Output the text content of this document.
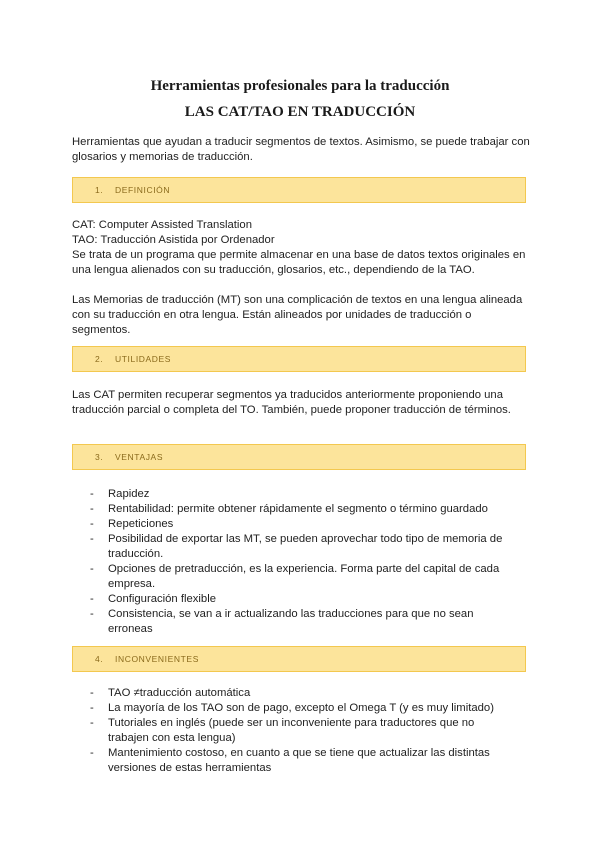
Herramientas profesionales para la traducción
LAS CAT/TAO EN TRADUCCIÓN

Herramientas que ayudan a traducir segmentos de textos. Asimismo, se puede trabajar con glosarios y memorias de traducción.

1. DEFINICIÓN

CAT: Computer Assisted Translation

TAO: Traducción Asistida por Ordenador

Se trata de un programa que permite almacenar en una base de datos textos originales en una lengua alienados con su traducción, glosarios, etc., dependiendo de la TAO.

Las Memorias de traducción (MT) son una complicación de textos en una lengua alineada con su traducción en otra lengua. Están alineados por unidades de traducción o segmentos.

2. UTILIDADES

Las CAT permiten recuperar segmentos ya traducidos anteriormente proponiendo una traducción parcial o completa del TO. También, puede proponer traducción de términos.

3. VENTAJAS
- Rapidez
- Rentabilidad: permite obtener rápidamente el segmento o término guardado
- Repeticiones
- Posibilidad de exportar las MT, se pueden aprovechar todo tipo de memoria de traducción.
- Opciones de pretraducción, es la experiencia. Forma parte del capital de cada empresa.
- Configuración flexible
- Consistencia, se van a ir actualizando las traducciones para que no sean erroneas
4. INCONVENIENTES
- TAO ≠traducción automática
- La mayoría de los TAO son de pago, excepto el Omega T (y es muy limitado)
- Tutoriales en inglés (puede ser un inconveniente para traductores que no trabajen con esta lengua)
- Mantenimiento costoso, en cuanto a que se tiene que actualizar las distintas versiones de estas herramientas
